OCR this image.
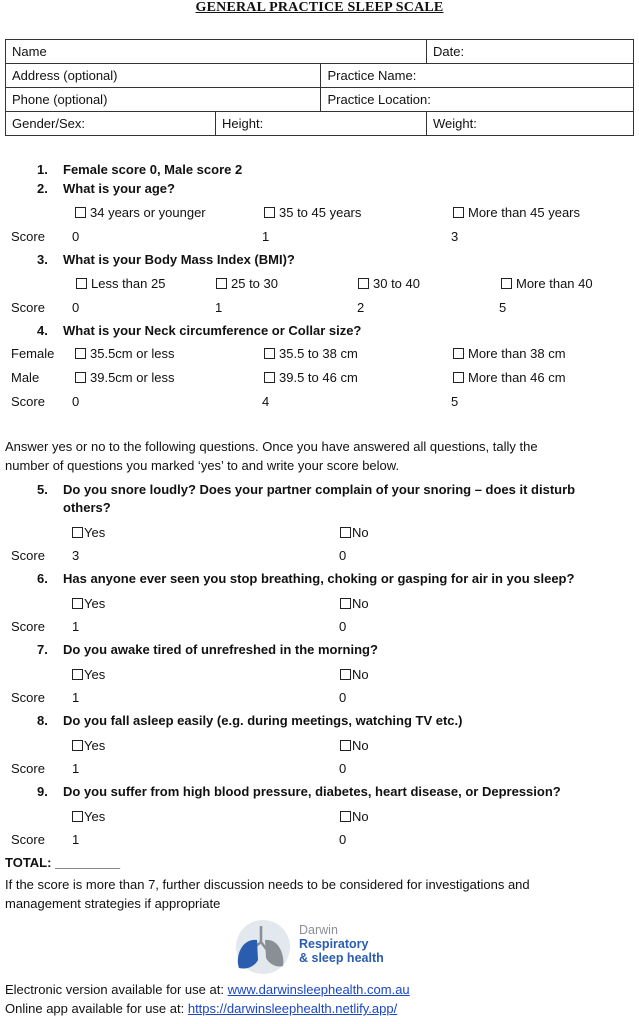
GENERAL PRACTICE SLEEP SCALE
Name			Date:
Address (optional)		Practice Name:	
Phone (optional)		Practice Location:	
Gender/Sex:	Height:		Weight:
1. Female score 0, Male score 2
2. What is your age?
34 years or younger	35 to 45 years	More than 45 years
Score 0	1	3
3. What is your Body Mass Index (BMI)?
Less than 25	25 to 30	30 to 40	More than 40
Score 0	1	2	5
4. What is your Neck circumference or Collar size?
Female	35.5cm or less	35.5 to 38 cm	More than 38 cm
Male	39.5cm or less	39.5 to 46 cm	More than 46 cm
Score 0	4	5
Answer yes or no to the following questions. Once you have answered all questions, tally the
number of questions you marked ‘yes’ to and write your score below.
5. Do you snore loudly? Does your partner complain of your snoring – does it disturb
others?
Yes	No
Score 3	0
6. Has anyone ever seen you stop breathing, choking or gasping for air in you sleep?
Yes	No
Score 1	0
7. Do you awake tired of unrefreshed in the morning?
Yes	No
Score 1	0
8. Do you fall asleep easily (e.g. during meetings, watching TV etc.)
Yes	No
Score 1	0
9. Do you suffer from high blood pressure, diabetes, heart disease, or Depression?
Yes	No
Score 1	0
TOTAL: _________
If the score is more than 7, further discussion needs to be considered for investigations and
management strategies if appropriate
Darwin
Respiratory
& sleep health
Electronic version available for use at: www.darwinsleephealth.com.au
Online app available for use at: https://darwinsleephealth.netlify.app/
